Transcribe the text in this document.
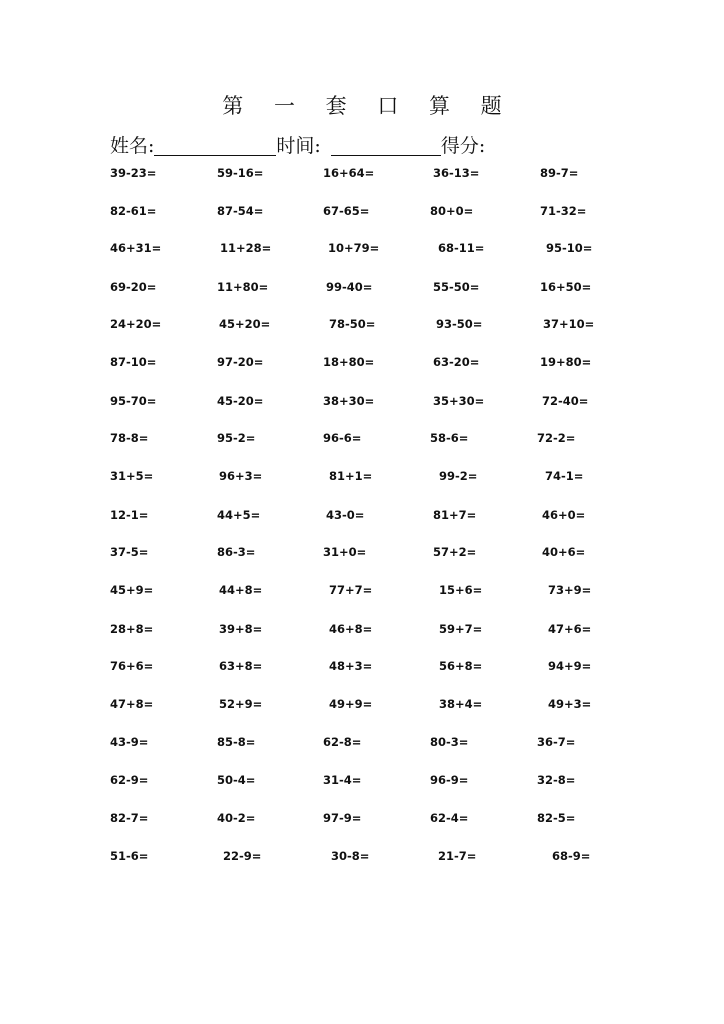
第 一 套 口 算 题
姓名:	时间:	得分:
39-23=	59-16=	16+64=	36-13=	89-7=
82-61=	87-54=	67-65=	80+0=	71-32=
46+31=	11+28=	10+79=	68-11=	95-10=
69-20=	11+80=	99-40=	55-50=	16+50=
24+20=	45+20=	78-50=	93-50=	37+10=
87-10=	97-20=	18+80=	63-20=	19+80=
95-70=	45-20=	38+30=	35+30=	72-40=
78-8=	95-2=	96-6=	58-6=	72-2=
31+5=	96+3=	81+1=	99-2=	74-1=
12-1=	44+5=	43-0=	81+7=	46+0=
37-5=	86-3=	31+0=	57+2=	40+6=
45+9=	44+8=	77+7=	15+6=	73+9=
28+8=	39+8=	46+8=	59+7=	47+6=
76+6=	63+8=	48+3=	56+8=	94+9=
47+8=	52+9=	49+9=	38+4=	49+3=
43-9=	85-8=	62-8=	80-3=	36-7=
62-9=	50-4=	31-4=	96-9=	32-8=
82-7=	40-2=	97-9=	62-4=	82-5=
51-6=	22-9=	30-8=	21-7=	68-9=
